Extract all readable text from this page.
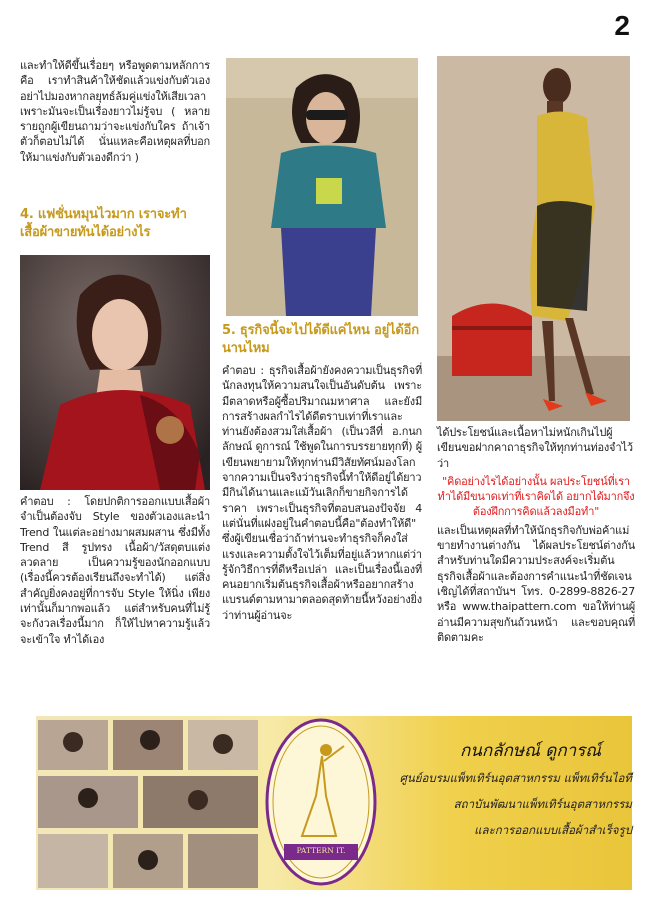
2

และทำให้ดีขึ้นเรื่อยๆ หรือพูดตามหลักการคือ เราทำสินค้าให้ชัดแล้วแข่งกับตัวเอง อย่าไปมองหากลยุทธ์ล้มคู่แข่งให้เสียเวลา เพราะมันจะเป็นเรื่องยาวไม่รู้จบ ( หลายรายถูกผู้เขียนถามว่าจะแข่งกับใคร ถ้าเจ้าตัวก็ตอบไม่ได้ นั่นแหละคือเหตุผลที่บอกให้มาแข่งกับตัวเองดีกว่า )

4. แฟชั่นหมุนไวมาก เราจะทำเสื้อผ้าขายทันได้อย่างไร

คำตอบ : โดยปกติการออกแบบเสื้อผ้าจำเป็นต้องจับ Style ของตัวเองและนำ Trend ในแต่ละอย่างมาผสมผสาน ซึ่งมีทั้ง Trend สี รูปทรง เนื้อผ้า/วัสดุตบแต่ง ลวดลาย เป็นความรู้ของนักออกแบบ (เรื่องนี้ควรต้องเรียนถึงจะทำได้) แต่สิ่งสำคัญยิ่งคงอยู่ที่การจับ Style ให้นิ่ง เพียงเท่านั้นก็มากพอแล้ว แต่สำหรับคนที่ไม่รู้จะกังวลเรื่องนี้มาก ก็ให้ไปหาความรู้แล้วจะเข้าใจ ทำได้เอง

5. ธุรกิจนี้จะไปได้ดีแค่ไหน อยู่ได้อีกนานไหม

คำตอบ : ธุรกิจเสื้อผ้ายังคงความเป็นธุรกิจที่นักลงทุนให้ความสนใจเป็นอันดับต้น เพราะมีตลาดหรือผู้ซื้อปริมาณมหาศาล และยังมีการสร้างผลกำไรได้ดีตราบเท่าที่เราและท่านยังต้องสวมใส่เสื้อผ้า (เป็นวลีที่ อ.กนกลักษณ์ ดูการณ์ ใช้พูดในการบรรยายทุกที่) ผู้เขียนพยายามให้ทุกท่านมีวิสัยทัศน์มองโลกจากความเป็นจริงว่าธุรกิจนี้ทำให้ดีอยู่ได้ยาว มีกินได้นานและแม้วันเลิกก็ขายกิจการได้ราคา เพราะเป็นธุรกิจที่ตอบสนองปัจจัย 4 แต่นั่นที่แฝงอยู่ในคำตอบนี้คือ"ต้องทำให้ดี" ซึ่งผู้เขียนเชื่อว่าถ้าท่านจะทำธุรกิจก็คงใส่แรงและความตั้งใจไว้เต็มที่อยู่แล้วหากแต่ว่ารู้จักวิธีการที่ดีหรือเปล่า และเป็นเรื่องนี้เองที่คนอยากเริ่มต้นธุรกิจเสื้อผ้าหรืออยากสร้างแบรนด์ตามหามาตลอดสุดท้ายนี้หวังอย่างยิ่งว่าท่านผู้อ่านจะ

ได้ประโยชน์และเนื้อหาไม่หนักเกินไปผู้เขียนขอฝากคาถาธุรกิจให้ทุกท่านท่องจำไว้ว่า

"คิดอย่างไรได้อย่างนั้น ผลประโยชน์ที่เราทำได้มีขนาดเท่าที่เราคิดได้ อยากได้มากจึงต้องฝึกการคิดแล้วลงมือทำ"

และเป็นเหตุผลที่ทำให้นักธุรกิจกับพ่อค้าแม่ขายทำงานต่างกัน ได้ผลประโยชน์ต่างกัน สำหรับท่านใดมีความประสงค์จะเริ่มต้นธุรกิจเสื้อผ้าและต้องการคำแนะนำที่ชัดเจน เชิญได้ที่สถาบันฯ โทร. 0-2899-8826-27 หรือ www.thaipattern.com ขอให้ท่านผู้อ่านมีความสุขกันถ้วนหน้า และขอบคุณที่ติดตามคะ

PATTERN IT.
กนกลักษณ์ ดูการณ์
ศูนย์อบรมแพ็ทเทิร์นอุตสาหกรรม แพ็ทเทิร์นไอที
สถาบันพัฒนาแพ็ทเทิร์นอุตสาหกรรม
และการออกแบบเสื้อผ้าสำเร็จรูป
